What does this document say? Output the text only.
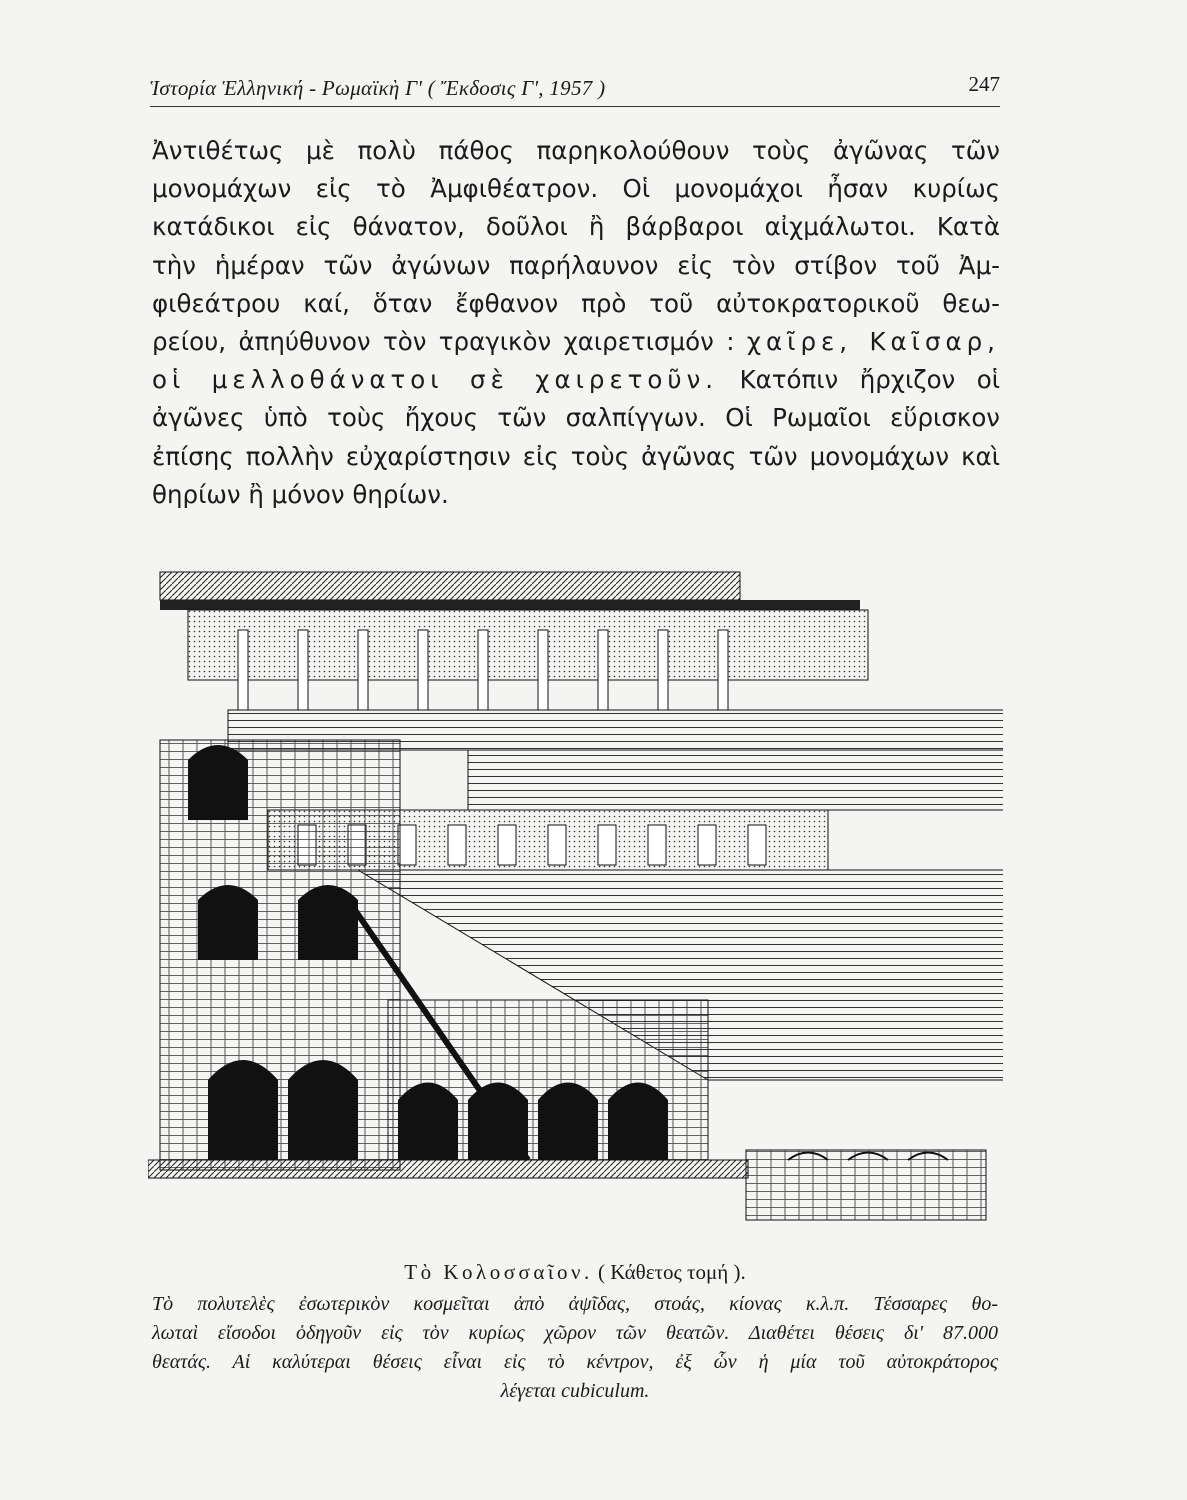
Ἱστορία Ἑλληνική - Ρωμαϊκὴ Γ' ( Ἔκδοσις Γ', 1957 )	247
Ἀντιθέτως μὲ πολὺ πάθος παρηκολούθουν τοὺς ἀγῶνας τῶν
μονομάχων εἰς τὸ Ἀμφιθέατρον. Οἱ μονομάχοι ἦσαν κυρίως
κατάδικοι εἰς θάνατον, δοῦλοι ἢ βάρβαροι αἰχμάλωτοι. Κατὰ
τὴν ἡμέραν τῶν ἀγώνων παρήλαυνον εἰς τὸν στίβον τοῦ Ἀμ-
φιθεάτρου καί, ὅταν ἔφθανον πρὸ τοῦ αὐτοκρατορικοῦ θεω-
ρείου, ἀπηύθυνον τὸν τραγικὸν χαιρετισμόν : χαῖρε, Καῖσαρ,
οἱ μελλοθάνατοι σὲ χαιρετοῦν. Κατόπιν ἤρχιζον οἱ
ἀγῶνες ὑπὸ τοὺς ἤχους τῶν σαλπίγγων. Οἱ Ρωμαῖοι εὕρισκον
ἐπίσης πολλὴν εὐχαρίστησιν εἰς τοὺς ἀγῶνας τῶν μονομάχων καὶ
θηρίων ἢ μόνον θηρίων.
Τὸ Κολοσσαῖον. ( Κάθετος τομή ).
Τὸ πολυτελὲς ἐσωτερικὸν κοσμεῖται ἀπὸ ἀψῖδας, στοάς, κίονας κ.λ.π. Τέσσαρες θο-
λωταὶ εἴσοδοι ὁδηγοῦν εἰς τὸν κυρίως χῶρον τῶν θεατῶν. Διαθέτει θέσεις δι' 87.000
θεατάς. Αἱ καλύτεραι θέσεις εἶναι εἰς τὸ κέντρον, ἐξ ὧν ἡ μία τοῦ αὐτοκράτορος
λέγεται cubiculum.
